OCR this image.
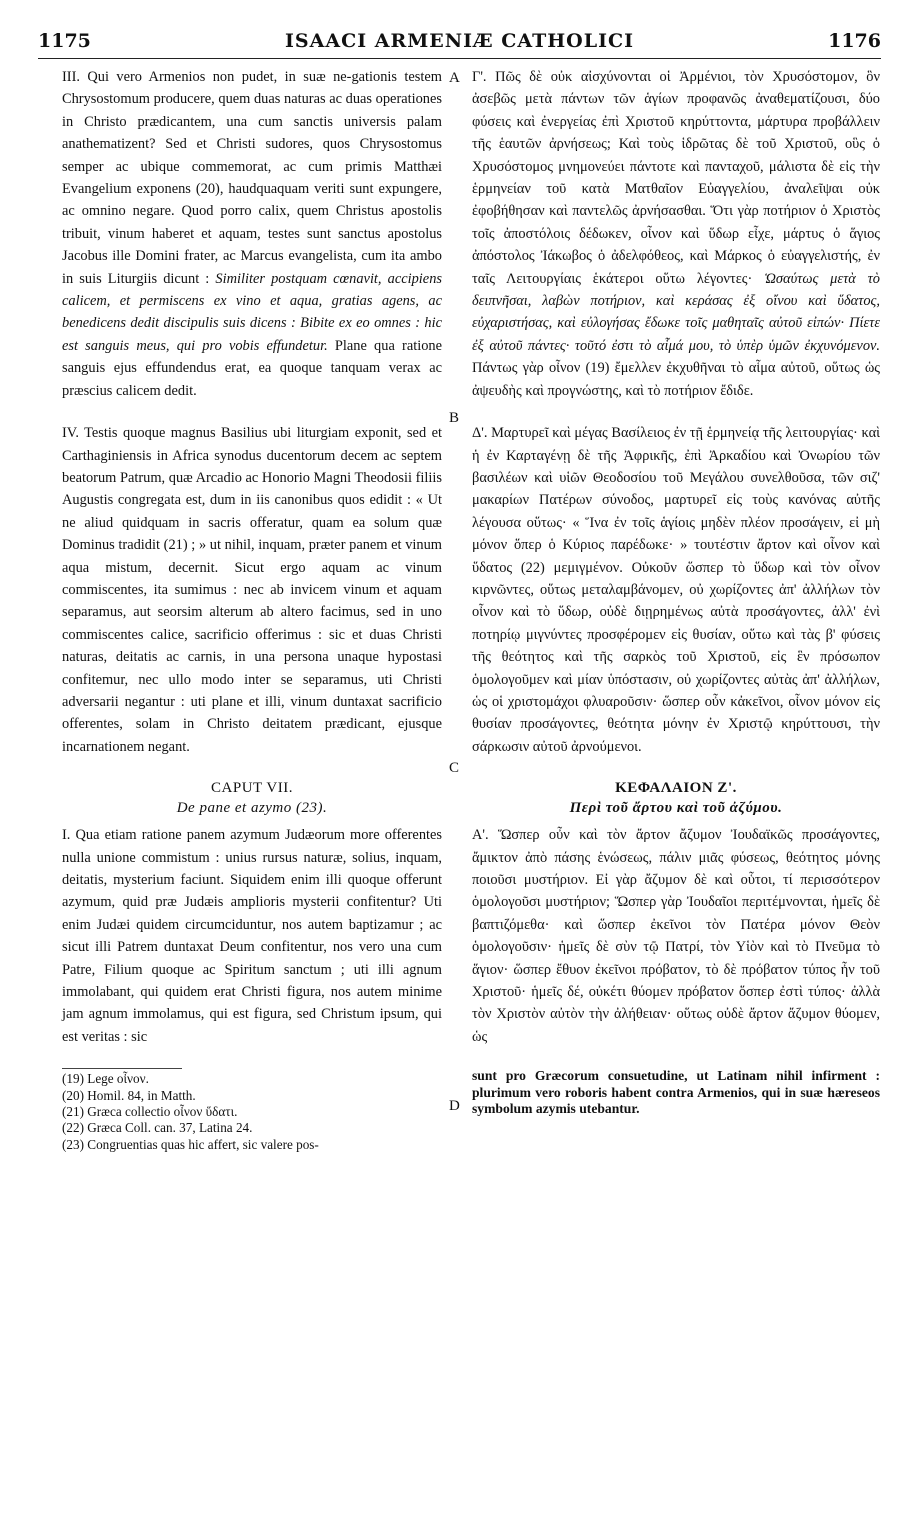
1175	ISAACI ARMENIÆ CATHOLICI	1176
A
B
C
D

III. Qui vero Armenios non pudet, in suæ ne-gationis testem Chrysostomum producere, quem duas naturas ac duas operationes in Christo prædicantem, una cum sanctis universis palam anathematizent? Sed et Christi sudores, quos Chrysostomus semper ac ubique commemorat, ac cum primis Matthæi Evangelium exponens (20), haudquaquam veriti sunt expungere, ac omnino negare. Quod porro calix, quem Christus apostolis tribuit, vinum haberet et aquam, testes sunt sanctus apostolus Jacobus ille Domini frater, ac Marcus evangelista, cum ita ambo in suis Liturgiis dicunt : Similiter postquam cœnavit, accipiens calicem, et permiscens ex vino et aqua, gratias agens, ac benedicens dedit discipulis suis dicens : Bibite ex eo omnes : hic est sanguis meus, qui pro vobis effundetur. Plane qua ratione sanguis ejus effundendus erat, ea quoque tanquam verax ac præscius calicem dedit.

IV. Testis quoque magnus Basilius ubi liturgiam exponit, sed et Carthaginiensis in Africa synodus ducentorum decem ac septem beatorum Patrum, quæ Arcadio ac Honorio Magni Theodosii filiis Augustis congregata est, dum in iis canonibus quos edidit : « Ut ne aliud quidquam in sacris offeratur, quam ea solum quæ Dominus tradidit (21) ; » ut nihil, inquam, præter panem et vinum aqua mistum, decernit. Sicut ergo aquam ac vinum commiscentes, ita sumimus : nec ab invicem vinum et aquam separamus, aut seorsim alterum ab altero facimus, sed in uno commiscentes calice, sacrificio offerimus : sic et duas Christi naturas, deitatis ac carnis, in una persona unaque hypostasi confitemur, nec ullo modo inter se separamus, uti Christi adversarii negantur : uti plane et illi, vinum duntaxat sacrificio offerentes, solam in Christo deitatem prædicant, ejusque incarnationem negant.

CAPUT VII.
De pane et azymo (23).

I. Qua etiam ratione panem azymum Judæorum more offerentes nulla unione commistum : unius rursus naturæ, solius, inquam, deitatis, mysterium faciunt. Siquidem enim illi quoque offerunt azymum, quid præ Judæis amplioris mysterii confitentur? Uti enim Judæi quidem circumciduntur, nos autem baptizamur ; ac sicut illi Patrem duntaxat Deum confitentur, nos vero una cum Patre, Filium quoque ac Spiritum sanctum ; uti illi agnum immolabant, qui quidem erat Christi figura, nos autem minime jam agnum immolamus, qui est figura, sed Christum ipsum, qui est veritas : sic

(19) Lege οἶνον.
(20) Homil. 84, in Matth.
(21) Græca collectio οἶνον ὕδατι.
(22) Græca Coll. can. 37, Latina 24.
(23) Congruentias quas hic affert, sic valere pos-

Γ'. Πῶς δὲ οὐκ αἰσχύνονται οἱ Ἀρμένιοι, τὸν Χρυσόστομον, ὃν ἀσεβῶς μετὰ πάντων τῶν ἁγίων προφανῶς ἀναθεματίζουσι, δύο φύσεις καὶ ἐνεργείας ἐπὶ Χριστοῦ κηρύττοντα, μάρτυρα προβάλλειν τῆς ἑαυτῶν ἀρνήσεως; Καὶ τοὺς ἱδρῶτας δὲ τοῦ Χριστοῦ, οὓς ὁ Χρυσόστομος μνημονεύει πάντοτε καὶ πανταχοῦ, μάλιστα δὲ εἰς τὴν ἑρμηνείαν τοῦ κατὰ Ματθαῖον Εὐαγγελίου, ἀναλεῖψαι οὐκ ἐφοβήθησαν καὶ παντελῶς ἀρνήσασθαι. Ὅτι γὰρ ποτήριον ὁ Χριστὸς τοῖς ἀποστόλοις δέδωκεν, οἶνον καὶ ὕδωρ εἶχε, μάρτυς ὁ ἅγιος ἀπόστολος Ἰάκωβος ὁ ἀδελφόθεος, καὶ Μάρκος ὁ εὐαγγελιστής, ἐν ταῖς Λειτουργίαις ἑκάτεροι οὕτω λέγοντες· Ὡσαύτως μετὰ τὸ δειπνῆσαι, λαβὼν ποτήριον, καὶ κεράσας ἐξ οἴνου καὶ ὕδατος, εὐχαριστήσας, καὶ εὐλογήσας ἔδωκε τοῖς μαθηταῖς αὐτοῦ εἰπών· Πίετε ἐξ αὐτοῦ πάντες· τοῦτό ἐστι τὸ αἷμά μου, τὸ ὑπὲρ ὑμῶν ἐκχυνόμενον. Πάντως γὰρ οἶνον (19) ἔμελλεν ἐκχυθῆναι τὸ αἷμα αὐτοῦ, οὕτως ὡς ἀψευδὴς καὶ προγνώστης, καὶ τὸ ποτήριον ἔδιδε.

Δ'. Μαρτυρεῖ καὶ μέγας Βασίλειος ἐν τῇ ἑρμηνείᾳ τῆς λειτουργίας· καὶ ἡ ἐν Καρταγένῃ δὲ τῆς Ἀφρικῆς, ἐπὶ Ἀρκαδίου καὶ Ὀνωρίου τῶν βασιλέων καὶ υἱῶν Θεοδοσίου τοῦ Μεγάλου συνελθοῦσα, τῶν σιζ' μακαρίων Πατέρων σύνοδος, μαρτυρεῖ εἰς τοὺς κανόνας αὐτῆς λέγουσα οὕτως· « Ἵνα ἐν τοῖς ἁγίοις μηδὲν πλέον προσάγειν, εἰ μὴ μόνον ὅπερ ὁ Κύριος παρέδωκε· » τουτέστιν ἄρτον καὶ οἶνον καὶ ὕδατος (22) μεμιγμένον. Οὐκοῦν ὥσπερ τὸ ὕδωρ καὶ τὸν οἶνον κιρνῶντες, οὕτως μεταλαμβάνομεν, οὐ χωρίζοντες ἀπ' ἀλλήλων τὸν οἶνον καὶ τὸ ὕδωρ, οὐδὲ διῃρημένως αὐτὰ προσάγοντες, ἀλλ' ἐνὶ ποτηρίῳ μιγνύντες προσφέρομεν εἰς θυσίαν, οὕτω καὶ τὰς β' φύσεις τῆς θεότητος καὶ τῆς σαρκὸς τοῦ Χριστοῦ, εἰς ἓν πρόσωπον ὁμολογοῦμεν καὶ μίαν ὑπόστασιν, οὐ χωρίζοντες αὐτὰς ἀπ' ἀλλήλων, ὡς οἱ χριστομάχοι φλυαροῦσιν· ὥσπερ οὖν κἀκεῖνοι, οἶνον μόνον εἰς θυσίαν προσάγοντες, θεότητα μόνην ἐν Χριστῷ κηρύττουσι, τὴν σάρκωσιν αὐτοῦ ἀρνούμενοι.

ΚΕΦΑΛΑΙΟΝ Ζ'.
Περὶ τοῦ ἄρτου καὶ τοῦ ἀζύμου.

Α'. Ὥσπερ οὖν καὶ τὸν ἄρτον ἄζυμον Ἰουδαϊκῶς προσάγοντες, ἄμικτον ἀπὸ πάσης ἑνώσεως, πάλιν μιᾶς φύσεως, θεότητος μόνης ποιοῦσι μυστήριον. Εἰ γὰρ ἄζυμον δὲ καὶ οὗτοι, τί περισσότερον ὁμολογοῦσι μυστήριον; Ὥσπερ γὰρ Ἰουδαῖοι περιτέμνονται, ἡμεῖς δὲ βαπτιζόμεθα· καὶ ὥσπερ ἐκεῖνοι τὸν Πατέρα μόνον Θεὸν ὁμολογοῦσιν· ἡμεῖς δὲ σὺν τῷ Πατρί, τὸν Υἱὸν καὶ τὸ Πνεῦμα τὸ ἅγιον· ὥσπερ ἔθυον ἐκεῖνοι πρόβατον, τὸ δὲ πρόβατον τύπος ἦν τοῦ Χριστοῦ· ἡμεῖς δέ, οὐκέτι θύομεν πρόβατον ὅσπερ ἐστὶ τύπος· ἀλλὰ τὸν Χριστὸν αὐτὸν τὴν ἀλήθειαν· οὕτως οὐδὲ ἄρτον ἄζυμον θύομεν, ὡς

sunt pro Græcorum consuetudine, ut Latinam nihil infirment : plurimum vero roboris habent contra Armenios, qui in suæ hæreseos symbolum azymis utebantur.
